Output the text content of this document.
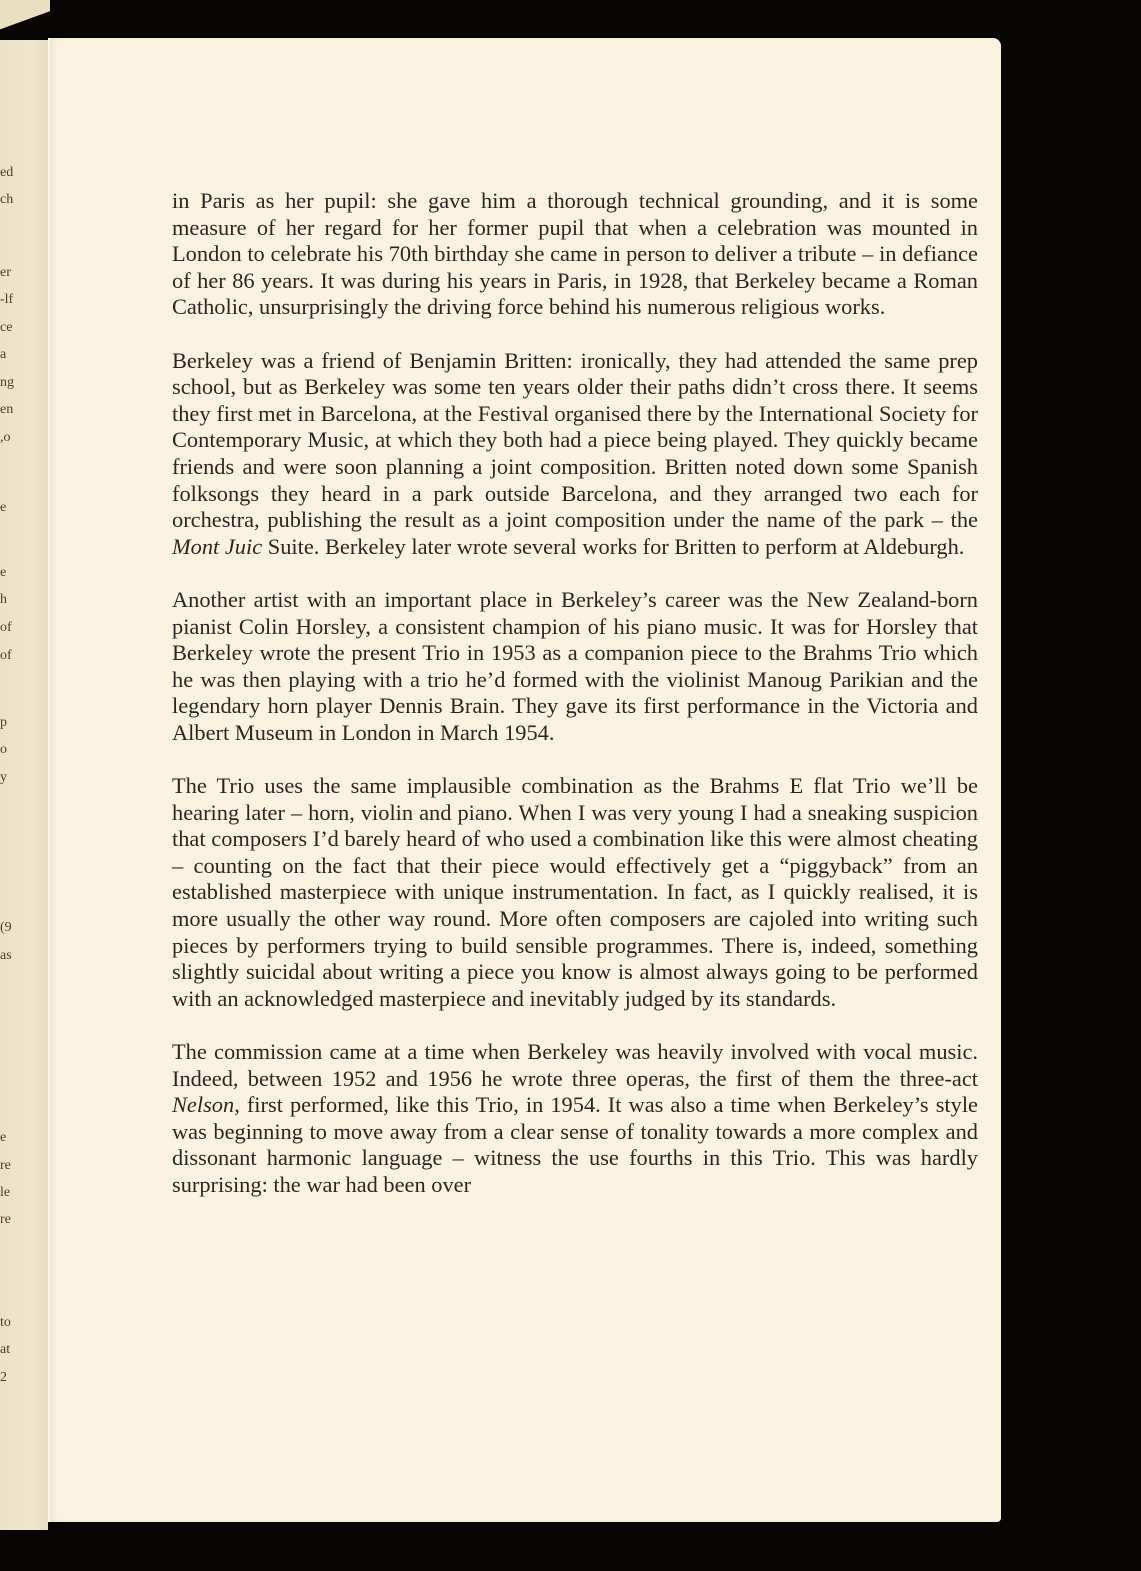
ed
ch
er
lf-
ce
a
ng
en
o,
e
e
h
of
of
p
o
y
9)
as
e
re
le
re
to
at
2

in Paris as her pupil: she gave him a thorough technical grounding, and it is some measure of her regard for her former pupil that when a celebration was mounted in London to celebrate his 70th birthday she came in person to deliver a tribute – in defiance of her 86 years. It was during his years in Paris, in 1928, that Berkeley became a Roman Catholic, unsurprisingly the driving force behind his numerous religious works.

Berkeley was a friend of Benjamin Britten: ironically, they had attended the same prep school, but as Berkeley was some ten years older their paths didn’t cross there. It seems they first met in Barcelona, at the Festival organised there by the International Society for Contemporary Music, at which they both had a piece being played. They quickly became friends and were soon planning a joint composition. Britten noted down some Spanish folksongs they heard in a park outside Barcelona, and they arranged two each for orchestra, publishing the result as a joint composition under the name of the park – the Mont Juic Suite. Berkeley later wrote several works for Britten to perform at Aldeburgh.

Another artist with an important place in Berkeley’s career was the New Zealand-born pianist Colin Horsley, a consistent champion of his piano music. It was for Horsley that Berkeley wrote the present Trio in 1953 as a companion piece to the Brahms Trio which he was then playing with a trio he’d formed with the violinist Manoug Parikian and the legendary horn player Dennis Brain. They gave its first performance in the Victoria and Albert Museum in London in March 1954.

The Trio uses the same implausible combination as the Brahms E flat Trio we’ll be hearing later – horn, violin and piano. When I was very young I had a sneaking suspicion that composers I’d barely heard of who used a combination like this were almost cheating – counting on the fact that their piece would effectively get a “piggyback” from an established masterpiece with unique instrumentation. In fact, as I quickly realised, it is more usually the other way round. More often composers are cajoled into writing such pieces by performers trying to build sensible programmes. There is, indeed, something slightly suicidal about writing a piece you know is almost always going to be performed with an acknowledged masterpiece and inevitably judged by its standards.

The commission came at a time when Berkeley was heavily involved with vocal music. Indeed, between 1952 and 1956 he wrote three operas, the first of them the three-act Nelson, first performed, like this Trio, in 1954. It was also a time when Berkeley’s style was beginning to move away from a clear sense of tonality towards a more complex and dissonant harmonic language – witness the use fourths in this Trio. This was hardly surprising: the war had been over
